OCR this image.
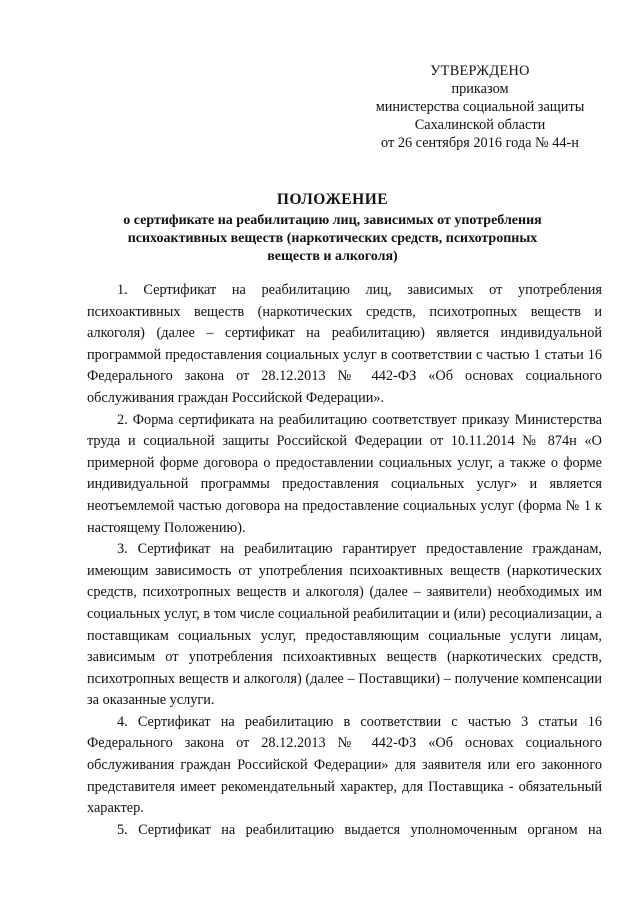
УТВЕРЖДЕНО
приказом
министерства социальной защиты
Сахалинской области
от 26 сентября 2016 года № 44-н
ПОЛОЖЕНИЕ
о сертификате на реабилитацию лиц, зависимых от употребления психоактивных веществ (наркотических средств, психотропных веществ и алкоголя)

1. Сертификат на реабилитацию лиц, зависимых от употребления психоактивных веществ (наркотических средств, психотропных веществ и алкоголя) (далее – сертификат на реабилитацию) является индивидуальной программой предоставления социальных услуг в соответствии с частью 1 статьи 16 Федерального закона от 28.12.2013 № 442-ФЗ «Об основах социального обслуживания граждан Российской Федерации».

2. Форма сертификата на реабилитацию соответствует приказу Министерства труда и социальной защиты Российской Федерации от 10.11.2014 № 874н «О примерной форме договора о предоставлении социальных услуг, а также о форме индивидуальной программы предоставления социальных услуг» и является неотъемлемой частью договора на предоставление социальных услуг (форма № 1 к настоящему Положению).

3. Сертификат на реабилитацию гарантирует предоставление гражданам, имеющим зависимость от употребления психоактивных веществ (наркотических средств, психотропных веществ и алкоголя) (далее – заявители) необходимых им социальных услуг, в том числе социальной реабилитации и (или) ресоциализации, а поставщикам социальных услуг, предоставляющим социальные услуги лицам, зависимым от употребления психоактивных веществ (наркотических средств, психотропных веществ и алкоголя) (далее – Поставщики) – получение компенсации за оказанные услуги.

4. Сертификат на реабилитацию в соответствии с частью 3 статьи 16 Федерального закона от 28.12.2013 № 442-ФЗ «Об основах социального обслуживания граждан Российской Федерации» для заявителя или его законного представителя имеет рекомендательный характер, для Поставщика - обязательный характер.

5. Сертификат на реабилитацию выдается уполномоченным органом на
